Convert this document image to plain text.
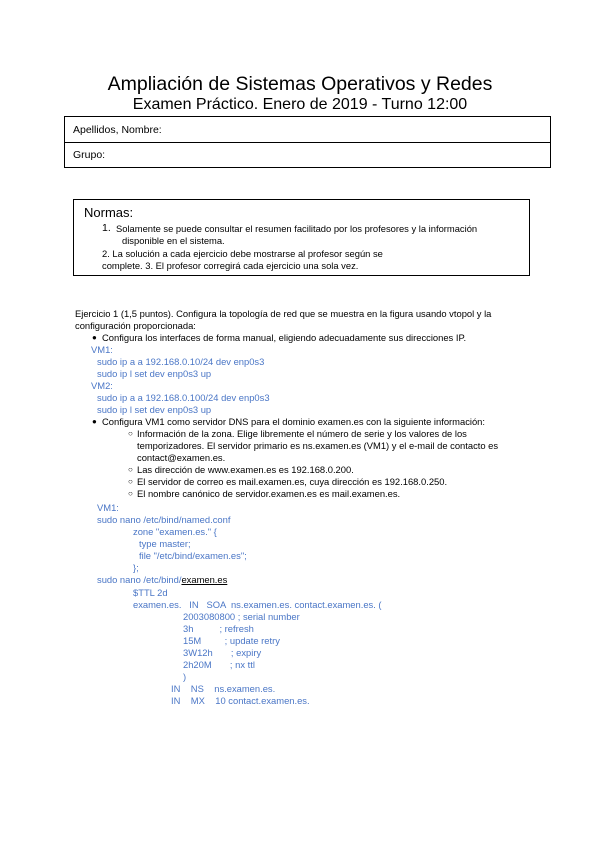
Ampliación de Sistemas Operativos y Redes
Examen Práctico. Enero de 2019 - Turno 12:00
Apellidos, Nombre:
Grupo:
Normas:
1. Solamente se puede consultar el resumen facilitado por los profesores y la información
disponible en el sistema.
2. La solución a cada ejercicio debe mostrarse al profesor según se
complete. 3. El profesor corregirá cada ejercicio una sola vez.
Ejercicio 1 (1,5 puntos). Configura la topología de red que se muestra en la figura usando vtopol y la
configuración proporcionada:
● Configura los interfaces de forma manual, eligiendo adecuadamente sus direcciones IP.
VM1:
sudo ip a a 192.168.0.10/24 dev enp0s3
sudo ip l set dev enp0s3 up
VM2:
sudo ip a a 192.168.0.100/24 dev enp0s3
sudo ip l set dev enp0s3 up
● Configura VM1 como servidor DNS para el dominio examen.es con la siguiente información:
○ Información de la zona. Elige libremente el número de serie y los valores de los
temporizadores. El servidor primario es ns.examen.es (VM1) y el e-mail de contacto es
contact@examen.es.
○ Las dirección de www.examen.es es 192.168.0.200.
○ El servidor de correo es mail.examen.es, cuya dirección es 192.168.0.250.
○ El nombre canónico de servidor.examen.es es mail.examen.es.
VM1:
sudo nano /etc/bind/named.conf
zone "examen.es." {
type master;
file "/etc/bind/examen.es";
};
sudo nano /etc/bind/examen.es
$TTL 2d
examen.es.   IN   SOA  ns.examen.es. contact.examen.es. (
2003080800 ; serial number
3h          ; refresh
15M         ; update retry
3W12h       ; expiry
2h20M       ; nx ttl
)
IN    NS    ns.examen.es.
IN    MX    10 contact.examen.es.
